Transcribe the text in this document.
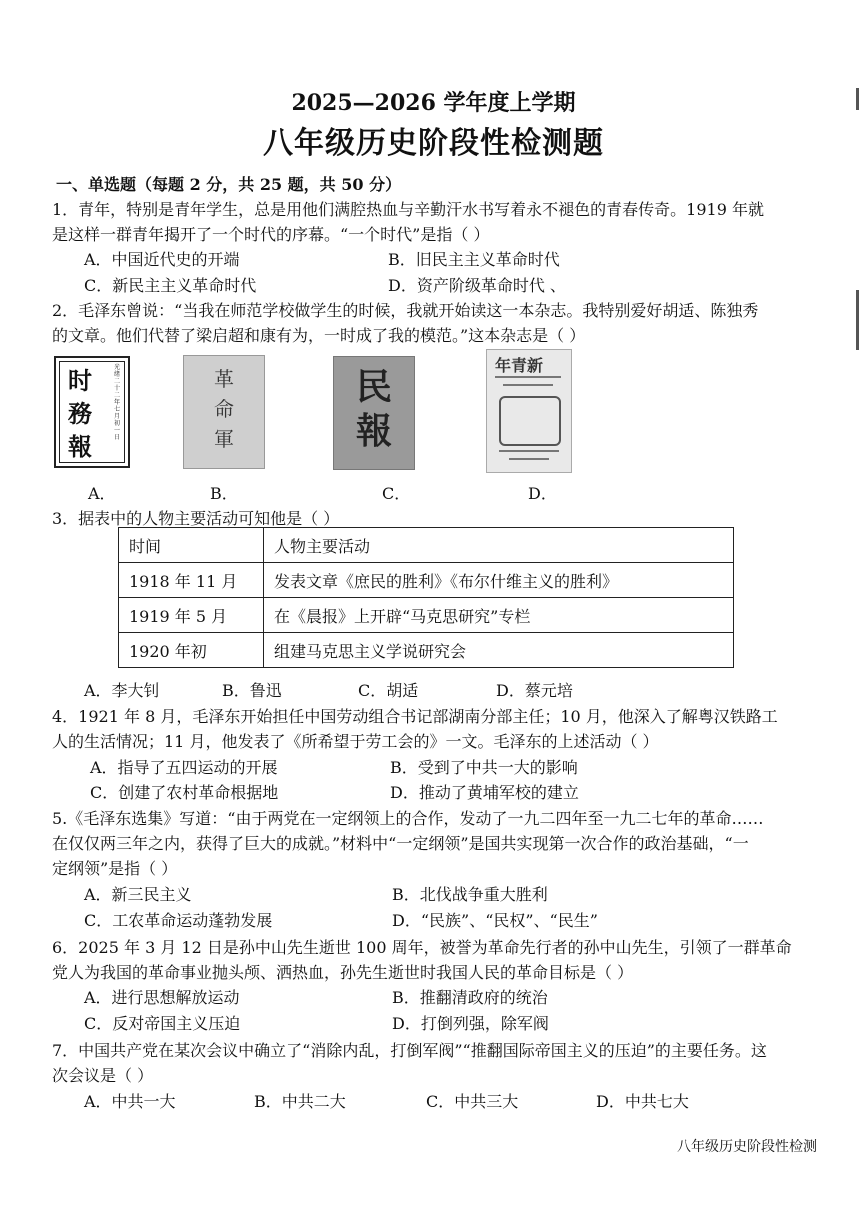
2025—2026 学年度上学期
八年级历史阶段性检测题
一、单选题（每题 2 分，共 25 题，共 50 分）
1．青年，特别是青年学生，总是用他们满腔热血与辛勤汗水书写着永不褪色的青春传奇。1919 年就
是这样一群青年揭开了一个时代的序幕。“一个时代”是指（ ）
A．中国近代史的开端	B．旧民主主义革命时代
C．新民主主义革命时代	D．资产阶级革命时代 、
2．毛泽东曾说：“当我在师范学校做学生的时候，我就开始读这一本杂志。我特别爱好胡适、陈独秀
的文章。他们代替了梁启超和康有为，一时成了我的模范。”这本杂志是（ ）
时務報
光绪二十二年七月初一日
革命軍
民報
年青新
A．	B．	C．	D．
3．据表中的人物主要活动可知他是（ ）
时间	人物主要活动
1918 年 11 月	发表文章《庶民的胜利》《布尔什维主义的胜利》
1919 年 5 月	在《晨报》上开辟“马克思研究”专栏
1920 年初	组建马克思主义学说研究会
A．李大钊	B．鲁迅	C．胡适	D．蔡元培
4．1921 年 8 月，毛泽东开始担任中国劳动组合书记部湖南分部主任；10 月，他深入了解粤汉铁路工
人的生活情况；11 月，他发表了《所希望于劳工会的》一文。毛泽东的上述活动（ ）
A．指导了五四运动的开展	B．受到了中共一大的影响
C．创建了农村革命根据地	D．推动了黄埔军校的建立
5.《毛泽东选集》写道：“由于两党在一定纲领上的合作，发动了一九二四年至一九二七年的革命……
在仅仅两三年之内，获得了巨大的成就。”材料中“一定纲领”是国共实现第一次合作的政治基础，“一
定纲领”是指（ ）
A．新三民主义	B．北伐战争重大胜利
C．工农革命运动蓬勃发展	D．“民族”、“民权”、“民生”
6．2025 年 3 月 12 日是孙中山先生逝世 100 周年，被誉为革命先行者的孙中山先生，引领了一群革命
党人为我国的革命事业抛头颅、洒热血，孙先生逝世时我国人民的革命目标是（ ）
A．进行思想解放运动	B．推翻清政府的统治
C．反对帝国主义压迫	D．打倒列强，除军阀
7．中国共产党在某次会议中确立了“消除内乱，打倒军阀”“推翻国际帝国主义的压迫”的主要任务。这
次会议是（ ）
A．中共一大	B．中共二大	C．中共三大	D．中共七大
八年级历史阶段性检测
